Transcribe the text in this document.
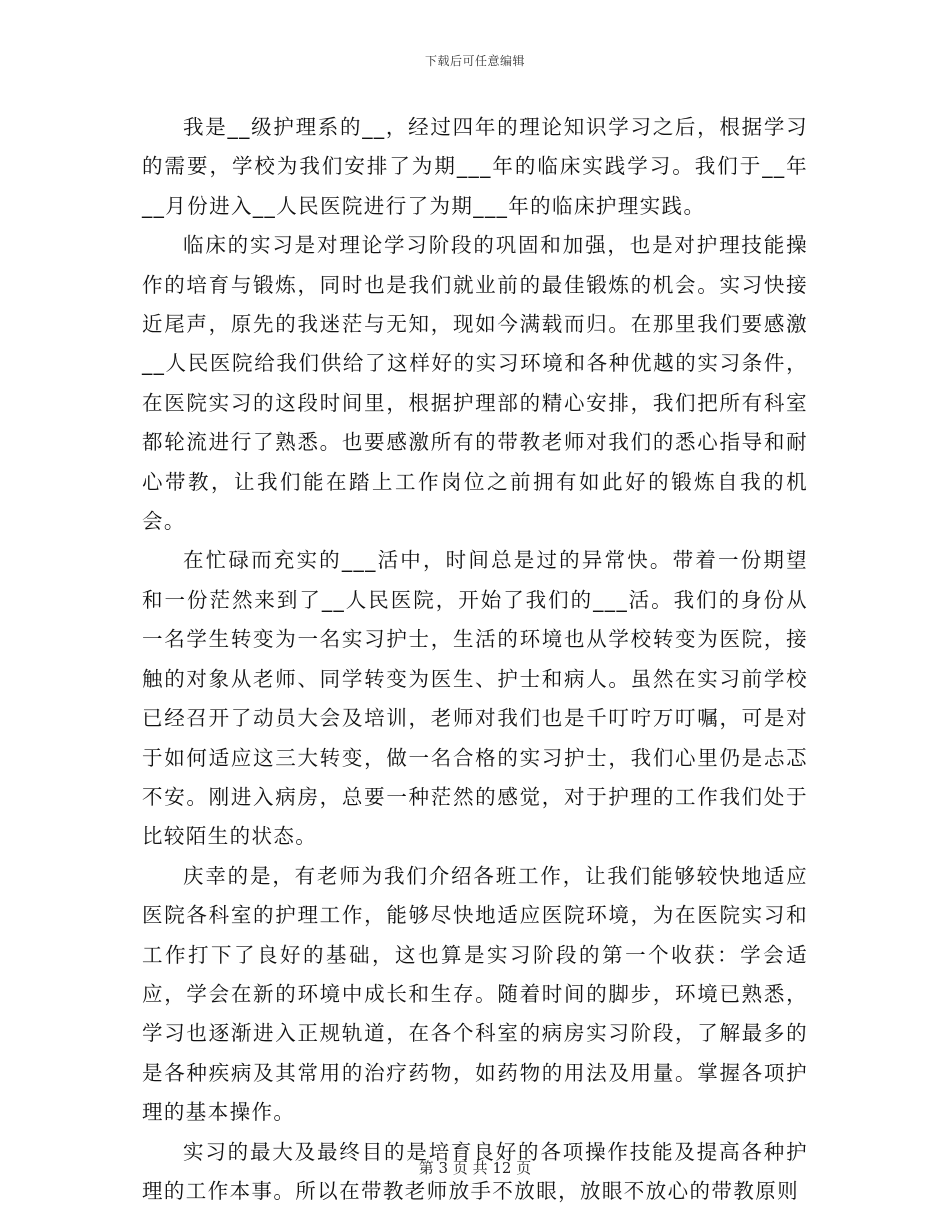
下载后可任意编辑

我是__级护理系的__，经过四年的理论知识学习之后，根据学习的需要，学校为我们安排了为期___年的临床实践学习。我们于__年__月份进入__人民医院进行了为期___年的临床护理实践。

临床的实习是对理论学习阶段的巩固和加强，也是对护理技能操作的培育与锻炼，同时也是我们就业前的最佳锻炼的机会。实习快接近尾声，原先的我迷茫与无知，现如今满载而归。在那里我们要感激__人民医院给我们供给了这样好的实习环境和各种优越的实习条件，在医院实习的这段时间里，根据护理部的精心安排，我们把所有科室都轮流进行了熟悉。也要感激所有的带教老师对我们的悉心指导和耐心带教，让我们能在踏上工作岗位之前拥有如此好的锻炼自我的机会。

在忙碌而充实的___活中，时间总是过的异常快。带着一份期望和一份茫然来到了__人民医院，开始了我们的___活。我们的身份从一名学生转变为一名实习护士，生活的环境也从学校转变为医院，接触的对象从老师、同学转变为医生、护士和病人。虽然在实习前学校已经召开了动员大会及培训，老师对我们也是千叮咛万叮嘱，可是对于如何适应这三大转变，做一名合格的实习护士，我们心里仍是忐忑不安。刚进入病房，总要一种茫然的感觉，对于护理的工作我们处于比较陌生的状态。

庆幸的是，有老师为我们介绍各班工作，让我们能够较快地适应医院各科室的护理工作，能够尽快地适应医院环境，为在医院实习和工作打下了良好的基础，这也算是实习阶段的第一个收获：学会适应，学会在新的环境中成长和生存。随着时间的脚步，环境已熟悉，学习也逐渐进入正规轨道，在各个科室的病房实习阶段，了解最多的是各种疾病及其常用的治疗药物，如药物的用法及用量。掌握各项护理的基本操作。

实习的最大及最终目的是培育良好的各项操作技能及提高各种护理的工作本事。所以在带教老师放手不放眼，放眼不放心的带教原则

第 3 页 共 12 页
